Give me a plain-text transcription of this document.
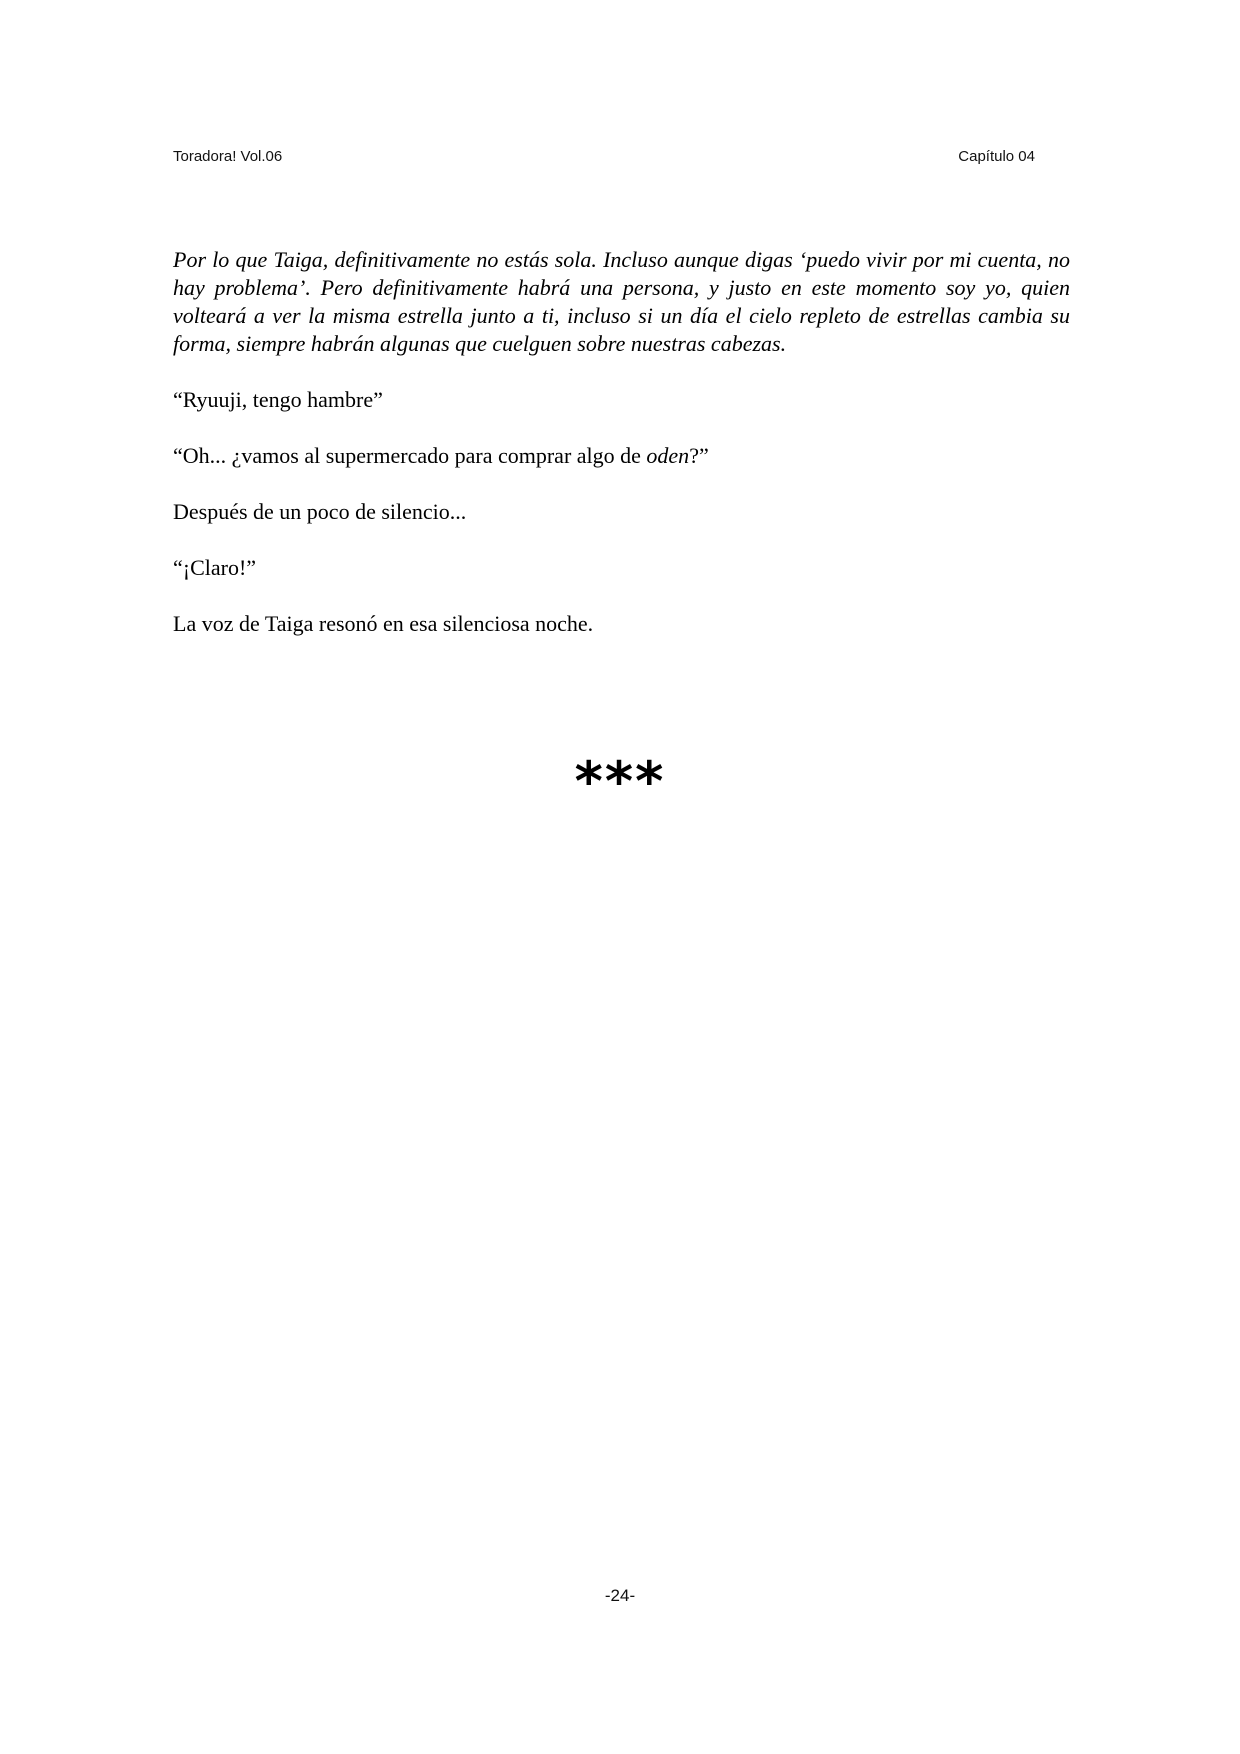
Toradora! Vol.06	Capítulo 04

Por lo que Taiga, definitivamente no estás sola. Incluso aunque digas ‘puedo vivir por mi cuenta, no hay problema’. Pero definitivamente habrá una persona, y justo en este momento soy yo, quien volteará a ver la misma estrella junto a ti, incluso si un día el cielo repleto de estrellas cambia su forma, siempre habrán algunas que cuelguen sobre nuestras cabezas.

“Ryuuji, tengo hambre”

“Oh... ¿vamos al supermercado para comprar algo de oden?”

Después de un poco de silencio...

“¡Claro!”

La voz de Taiga resonó en esa silenciosa noche.

***
-24-
